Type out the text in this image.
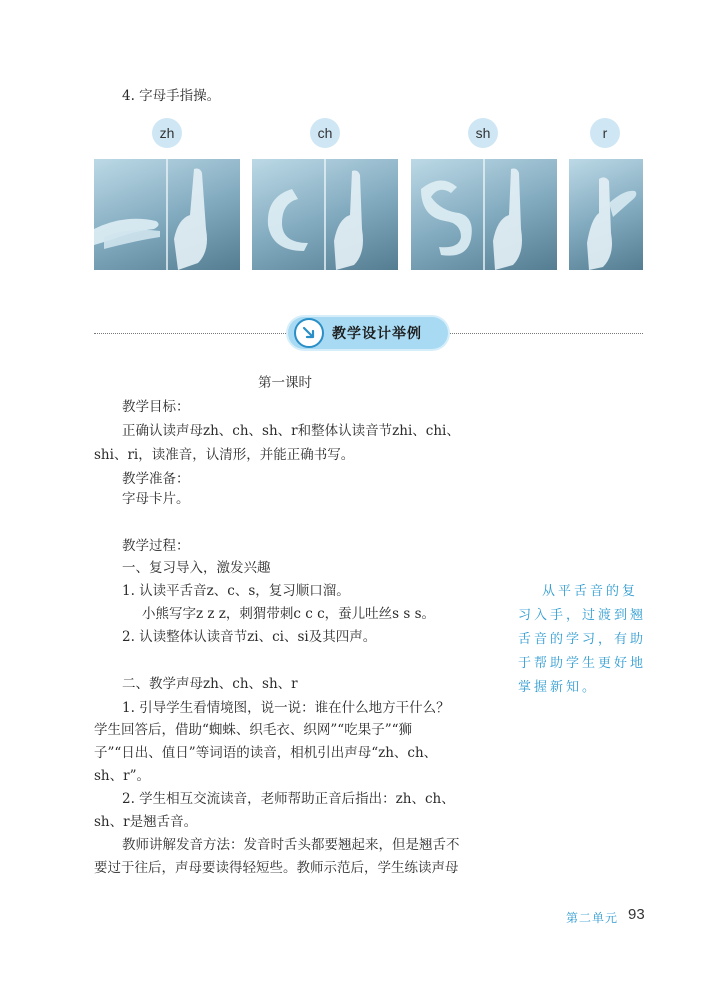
4. 字母手指操。
zh	ch	sh	r
教学设计举例
第一课时
教学目标：
正确认读声母zh、ch、sh、r和整体认读音节zhi、chi、
shi、ri，读准音，认清形，并能正确书写。
教学准备：
字母卡片。
教学过程：
一、复习导入，激发兴趣
1. 认读平舌音z、c、s，复习顺口溜。
小熊写字z z z，刺猬带刺c c c，蚕儿吐丝s s s。
2. 认读整体认读音节zi、ci、si及其四声。
二、教学声母zh、ch、sh、r
1. 引导学生看情境图，说一说：谁在什么地方干什么？
学生回答后，借助“蜘蛛、织毛衣、织网”“吃果子”“狮
子”“日出、值日”等词语的读音，相机引出声母“zh、ch、
sh、r”。
2. 学生相互交流读音，老师帮助正音后指出：zh、ch、
sh、r是翘舌音。
教师讲解发音方法：发音时舌头都要翘起来，但是翘舌不
要过于往后，声母要读得轻短些。教师示范后，学生练读声母
从平舌音的复
习入手，过渡到翘
舌音的学习，有助
于帮助学生更好地
掌握新知。
第二单元 93
